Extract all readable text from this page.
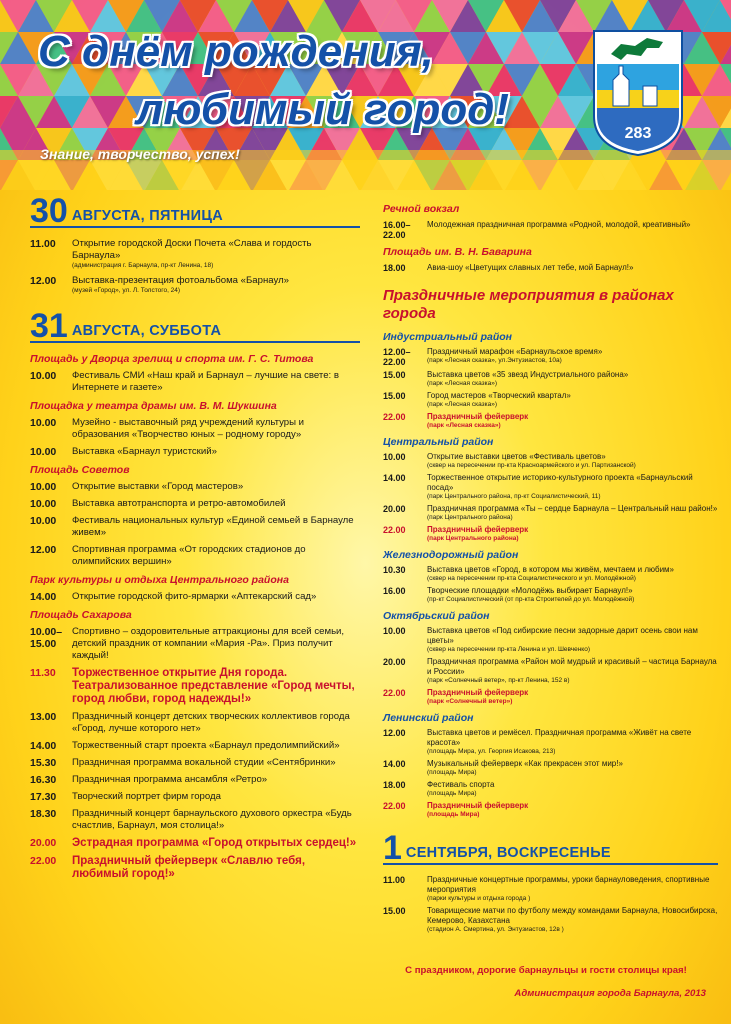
С днём рождения,
любимый город!
Знание, творчество, успех!
283
30 АВГУСТА, ПЯТНИЦА
11.00	Открытие городской Доски Почета «Слава и гордость Барнаула»
(администрация г. Барнаула, пр-кт Ленина, 18)
12.00	Выставка-презентация фотоальбома «Барнаул»
(музей «Город», ул. Л. Толстого, 24)
31 АВГУСТА, СУББОТА
Площадь у Дворца зрелищ и спорта им. Г. С. Титова
10.00	Фестиваль СМИ «Наш край и Барнаул – лучшие на свете: в Интернете и газете»
Площадка у театра драмы им. В. М. Шукшина
10.00	Музейно - выставочный ряд учреждений культуры и образования «Творчество юных – родному городу»
10.00	Выставка «Барнаул туристский»
Площадь Советов
10.00	Открытие выставки «Город мастеров»
10.00	Выставка автотранспорта и ретро-автомобилей
10.00	Фестиваль национальных культур «Единой семьей в Барнауле живем»
12.00	Спортивная программа «От городских стадионов до олимпийских вершин»
Парк культуры и отдыха Центрального района
14.00	Открытие городской фито-ярмарки «Аптекарский сад»
Площадь Сахарова
10.00–
15.00
Спортивно – оздоровительные аттракционы для всей семьи, детский праздник от компании «Мария -Ра». Приз получит каждый!
11.30	Торжественное открытие Дня города. Театрализованное представление «Город мечты, город любви, город надежды!»
13.00	Праздничный концерт детских творческих коллективов города «Город, лучше которого нет»
14.00	Торжественный старт проекта «Барнаул предолимпийский»
15.30	Праздничная программа вокальной студии «Сентябринки»
16.30	Праздничная программа ансамбля «Ретро»
17.30	Творческий портрет фирм города
18.30	Праздничный концерт барнаульского духового оркестра «Будь счастлив, Барнаул, моя столица!»
20.00	Эстрадная программа «Город открытых сердец!»
22.00	Праздничный фейерверк «Славлю тебя, любимый город!»
Речной вокзал
16.00–
22.00
Молодежная праздничная программа «Родной, молодой, креативный»
Площадь им. В. Н. Баварина
18.00	Авиа-шоу «Цветущих славных лет тебе, мой Барнаул!»
Праздничные мероприятия в районах города
Индустриальный район
12.00–
22.00
Праздничный марафон «Барнаульское время»
(парк «Лесная сказка», ул.Энтузиастов, 10а)
15.00	Выставка цветов «35 звезд Индустриального района»
(парк «Лесная сказка»)
15.00	Город мастеров «Творческий квартал»
(парк «Лесная сказка»)
22.00	Праздничный фейерверк
(парк «Лесная сказка»)
Центральный район
10.00	Открытие выставки цветов «Фестиваль цветов»
(сквер на пересечении пр-кта Красноармейского и ул. Партизанской)
14.00	Торжественное открытие историко-культурного проекта «Барнаульский посад»
(парк Центрального района, пр-кт Социалистический, 11)
20.00	Праздничная программа «Ты – сердце Барнаула – Центральный наш район!»
(парк Центрального района)
22.00	Праздничный фейерверк
(парк Центрального района)
Железнодорожный район
10.30	Выставка цветов «Город, в котором мы живём, мечтаем и любим»
(сквер на пересечении пр-кта Социалистического и ул. Молодёжной)
16.00	Творческие площадки «Молодёжь выбирает Барнаул!»
(пр-кт Социалистический (от пр-кта Строителей до ул. Молодёжной)
Октябрьский район
10.00	Выставка цветов «Под сибирские песни задорные дарит осень свои нам цветы»
(сквер на пересечении пр-кта Ленина и ул. Шевченко)
20.00	Праздничная программа «Район мой мудрый и красивый – частица Барнаула и России»
(парк «Солнечный ветер», пр-кт Ленина, 152 в)
22.00	Праздничный фейерверк
(парк «Солнечный ветер»)
Ленинский район
12.00	Выставка цветов и ремёсел. Праздничная программа «Живёт на свете красота»
(площадь Мира, ул. Георгия Исакова, 213)
14.00	Музыкальный фейерверк «Как прекрасен этот мир!»
(площадь Мира)
18.00	Фестиваль спорта
(площадь Мира)
22.00	Праздничный фейерверк
(площадь Мира)
1 СЕНТЯБРЯ, ВОСКРЕСЕНЬЕ
11.00	Праздничные концертные программы, уроки барнауловедения, спортивные мероприятия
(парки культуры и отдыха города )
15.00	Товарищеские матчи по футболу между командами Барнаула, Новосибирска, Кемерово, Казахстана
(стадион А. Смертина, ул. Энтузиастов, 12в )
С праздником, дорогие барнаульцы и гости столицы края!
Администрация города Барнаула, 2013
